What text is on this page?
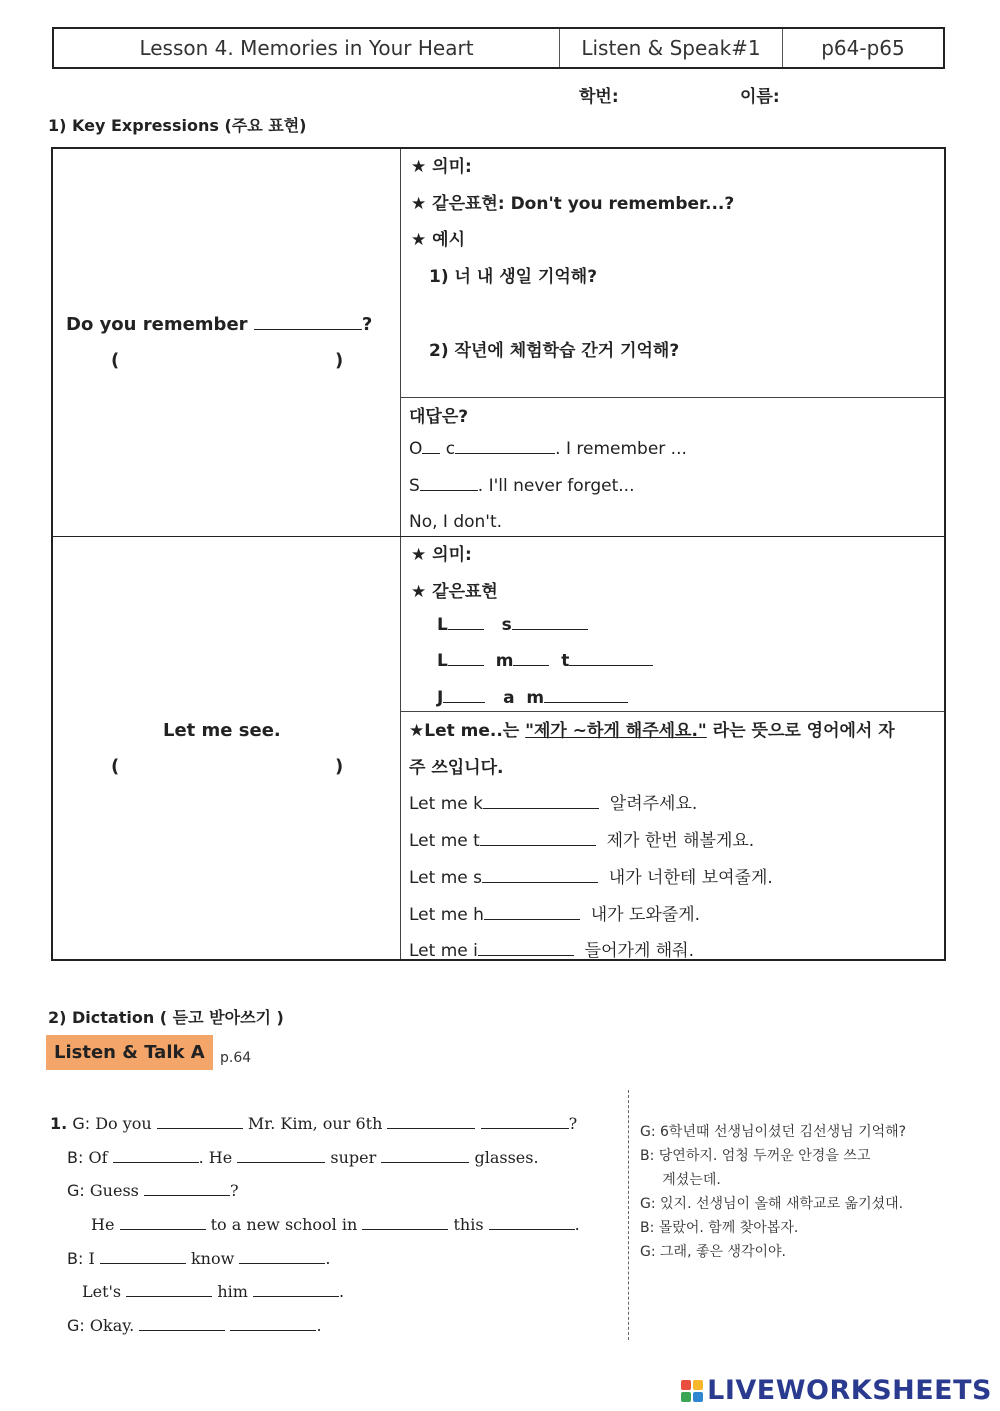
Lesson 4. Memories in Your Heart	Listen & Speak#1	p64-p65
학번:	이름:
1) Key Expressions (주요 표현)
Do you remember	?
(	)
★ 의미:
★ 같은표현: Don't you remember...?
★ 예시
1) 너 내 생일 기억해?
2) 작년에 체험학습 간거 기억해?
대답은?
O c	. I remember ...
S	. I'll never forget...
No, I don't.
Let me see.
(	)
★ 의미:
★ 같은표현
L	s
L	m	t
J	a m
★Let me..는 "제가 ~하게 해주세요." 라는 뜻으로 영어에서 자
주 쓰입니다.
Let me k	알려주세요.
Let me t	제가 한번 해볼게요.
Let me s	내가 너한테 보여줄게.
Let me h	내가 도와줄게.
Let me i	들어가게 해줘.
2) Dictation ( 듣고 받아쓰기 )
Listen & Talk A	p.64
1. G: Do you	Mr. Kim, our 6th	?
B: Of	. He	super	glasses.
G: Guess	?
He	to a new school in	this	.
B: I	know	.
Let's	him	.
G: Okay.	.
G: 6학년때 선생님이셨던 김선생님 기억해?
B: 당연하지. 엄청 두꺼운 안경을 쓰고
계셨는데.
G: 있지. 선생님이 올해 새학교로 옮기셨대.
B: 몰랐어. 함께 찾아봅자.
G: 그래, 좋은 생각이야.
LIVEWORKSHEETS
